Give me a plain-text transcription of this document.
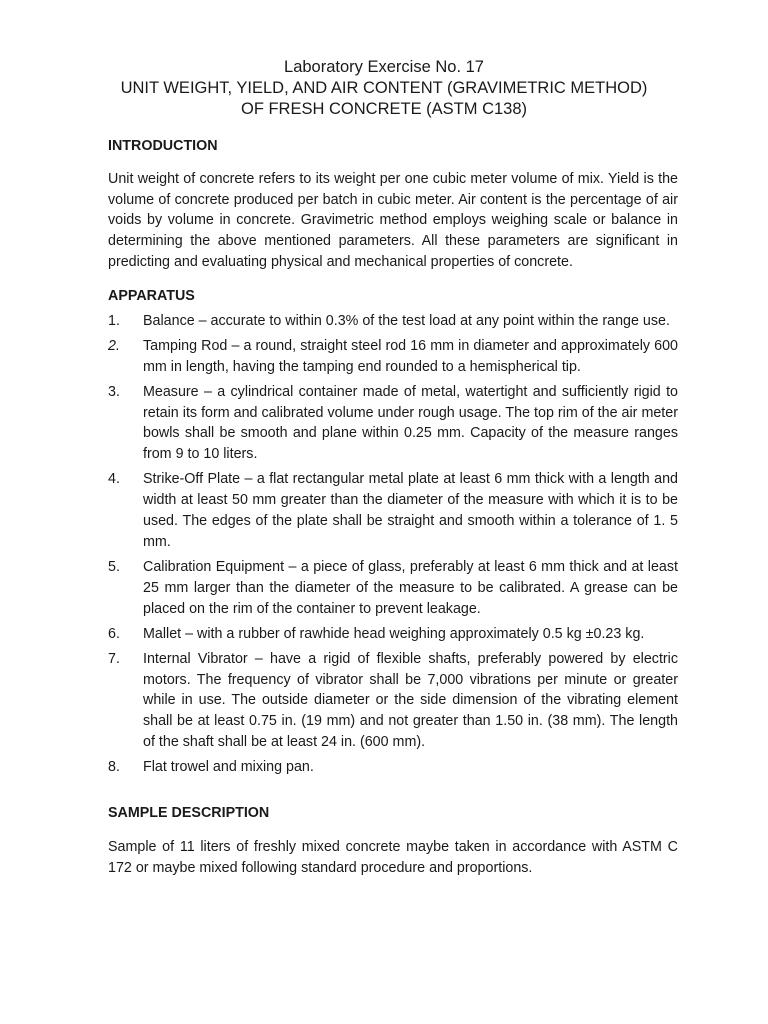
Laboratory Exercise No. 17

UNIT WEIGHT, YIELD, AND AIR CONTENT (GRAVIMETRIC METHOD)

OF FRESH CONCRETE (ASTM C138)

INTRODUCTION

Unit weight of concrete refers to its weight per one cubic meter volume of mix. Yield is the volume of concrete produced per batch in cubic meter. Air content is the percentage of air voids by volume in concrete. Gravimetric method employs weighing scale or balance in determining the above mentioned parameters. All these parameters are significant in predicting and evaluating physical and mechanical properties of concrete.

APPARATUS
1.	Balance – accurate to within 0.3% of the test load at any point within the range use.
2.	Tamping Rod – a round, straight steel rod 16 mm in diameter and approximately 600 mm in length, having the tamping end rounded to a hemispherical tip.
3.	Measure – a cylindrical container made of metal, watertight and sufficiently rigid to retain its form and calibrated volume under rough usage. The top rim of the air meter bowls shall be smooth and plane within 0.25 mm. Capacity of the measure ranges from 9 to 10 liters.
4.	Strike-Off Plate – a flat rectangular metal plate at least 6 mm thick with a length and width at least 50 mm greater than the diameter of the measure with which it is to be used. The edges of the plate shall be straight and smooth within a tolerance of 1. 5 mm.
5.	Calibration Equipment – a piece of glass, preferably at least 6 mm thick and at least 25 mm larger than the diameter of the measure to be calibrated. A grease can be placed on the rim of the container to prevent leakage.
6.	Mallet – with a rubber of rawhide head weighing approximately 0.5 kg ±0.23 kg.
7.	Internal Vibrator – have a rigid of flexible shafts, preferably powered by electric motors. The frequency of vibrator shall be 7,000 vibrations per minute or greater while in use. The outside diameter or the side dimension of the vibrating element shall be at least 0.75 in. (19 mm) and not greater than 1.50 in. (38 mm). The length of the shaft shall be at least 24 in. (600 mm).
8.	Flat trowel and mixing pan.
SAMPLE DESCRIPTION

Sample of 11 liters of freshly mixed concrete maybe taken in accordance with ASTM C 172 or maybe mixed following standard procedure and proportions.
